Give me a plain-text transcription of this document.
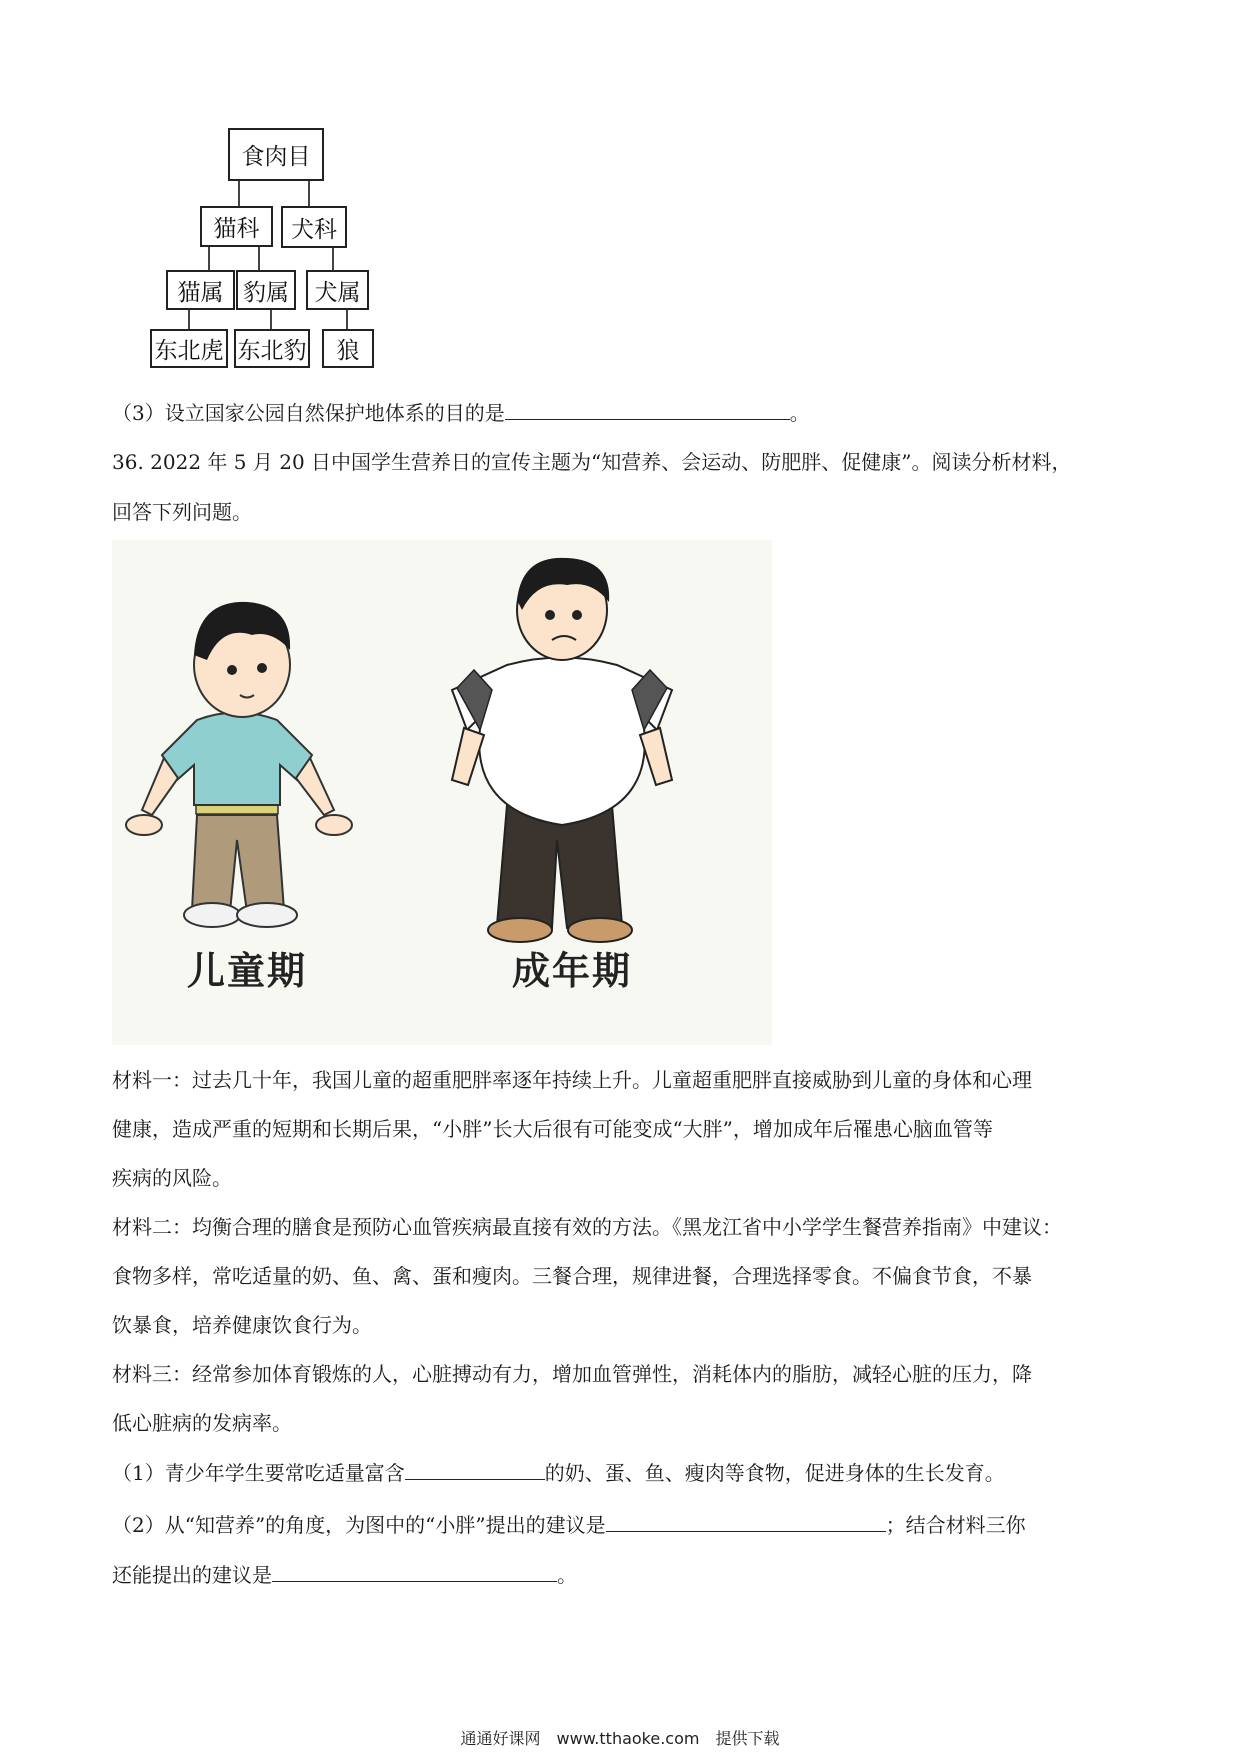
食肉目
猫科	犬科
猫属 豹属	犬属
东北虎 东北豹	狼
（3）设立国家公园自然保护地体系的目的是	。
36. 2022 年 5 月 20 日中国学生营养日的宣传主题为“知营养、会运动、防肥胖、促健康”。阅读分析材料，
回答下列问题。
儿童期	成年期
材料一：过去几十年，我国儿童的超重肥胖率逐年持续上升。儿童超重肥胖直接威胁到儿童的身体和心理
健康，造成严重的短期和长期后果，“小胖”长大后很有可能变成“大胖”，增加成年后罹患心脑血管等
疾病的风险。
材料二：均衡合理的膳食是预防心血管疾病最直接有效的方法。《黑龙江省中小学学生餐营养指南》中建议：
食物多样，常吃适量的奶、鱼、禽、蛋和瘦肉。三餐合理，规律进餐，合理选择零食。不偏食节食，不暴
饮暴食，培养健康饮食行为。
材料三：经常参加体育锻炼的人，心脏搏动有力，增加血管弹性，消耗体内的脂肪，减轻心脏的压力，降
低心脏病的发病率。
（1）青少年学生要常吃适量富含	的奶、蛋、鱼、瘦肉等食物，促进身体的生长发育。
（2）从“知营养”的角度，为图中的“小胖”提出的建议是	；结合材料三你
还能提出的建议是	。
通通好课网　www.tthaoke.com　提供下载
